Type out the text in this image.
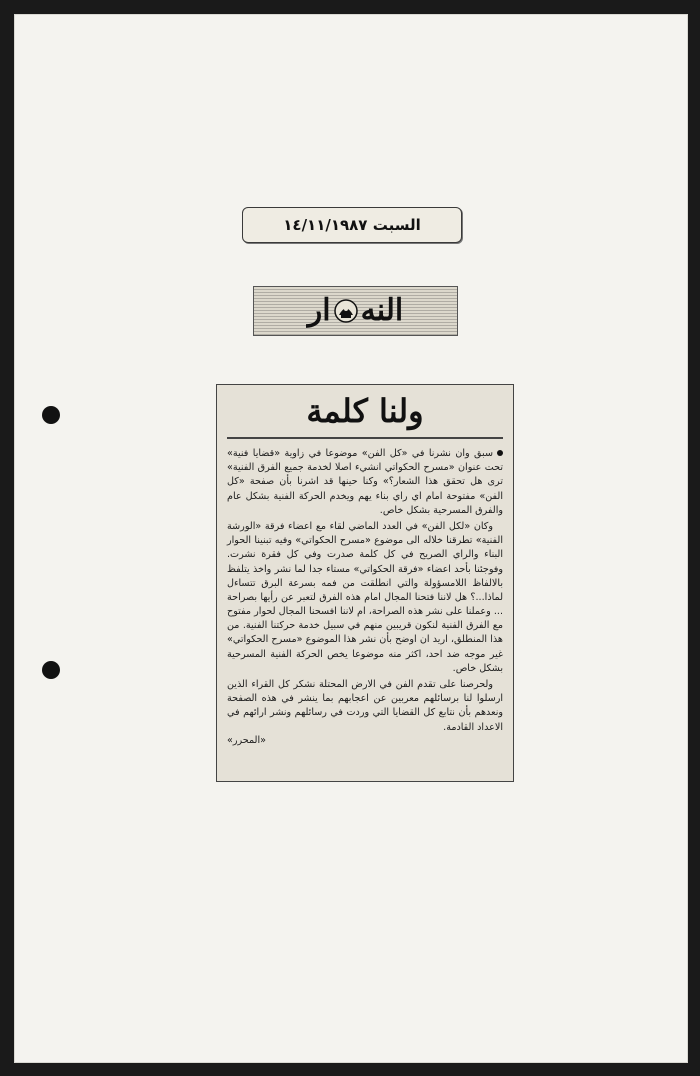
السبت ١٤/١١/١٩٨٧
النه
ار
ولنا كلمة

سبق وان نشرنا في «كل الفن» موضوعا في زاوية «قضايا فنية» تحت عنوان «مسرح الحكواتي انشيء اصلا لخدمة جميع الفرق الفنية» ترى هل تحقق هذا الشعار؟» وكنا حينها قد اشرنا بأن صفحة «كل الفن» مفتوحة امام اي راي بناء يهم ويخدم الحركة الفنية بشكل عام والفرق المسرحية بشكل خاص.

وكان «لكل الفن» في العدد الماضي لقاء مع اعضاء فرقة «الورشة الفنية» تطرقنا خلاله الى موضوع «مسرح الحكواتي» وفيه تبنينا الحوار البناء والراي الصريح في كل كلمة صدرت وفي كل فقرة نشرت. وفوجئنا بأحد اعضاء «فرقة الحكواتي» مستاء جدا لما نشر واخذ يتلفظ بالالفاظ اللامسؤولة والتي انطلقت من فمه بسرعة البرق تتساءل لماذا...؟ هل لاننا فتحنا المجال امام هذه الفرق لتعبر عن رأيها بصراحة ... وعملنا على نشر هذه الصراحة، ام لاننا افسحنا المجال لحوار مفتوح مع الفرق الفنية لنكون قريبين منهم في سبيل خدمة حركتنا الفنية. من هذا المنطلق، اريد ان اوضح بأن نشر هذا الموضوع «مسرح الحكواتي» غير موجه ضد احد، اكثر منه موضوعا يخص الحركة الفنية المسرحية بشكل خاص.

ولحرصنا على تقدم الفن في الارض المحتلة نشكر كل القراء الذين ارسلوا لنا برسائلهم معربين عن اعجابهم بما ينشر في هذه الصفحة ونعدهم بأن نتابع كل القضايا التي وردت في رسائلهم ونشر ارائهم في الاعداد القادمة.

«المحرر»
